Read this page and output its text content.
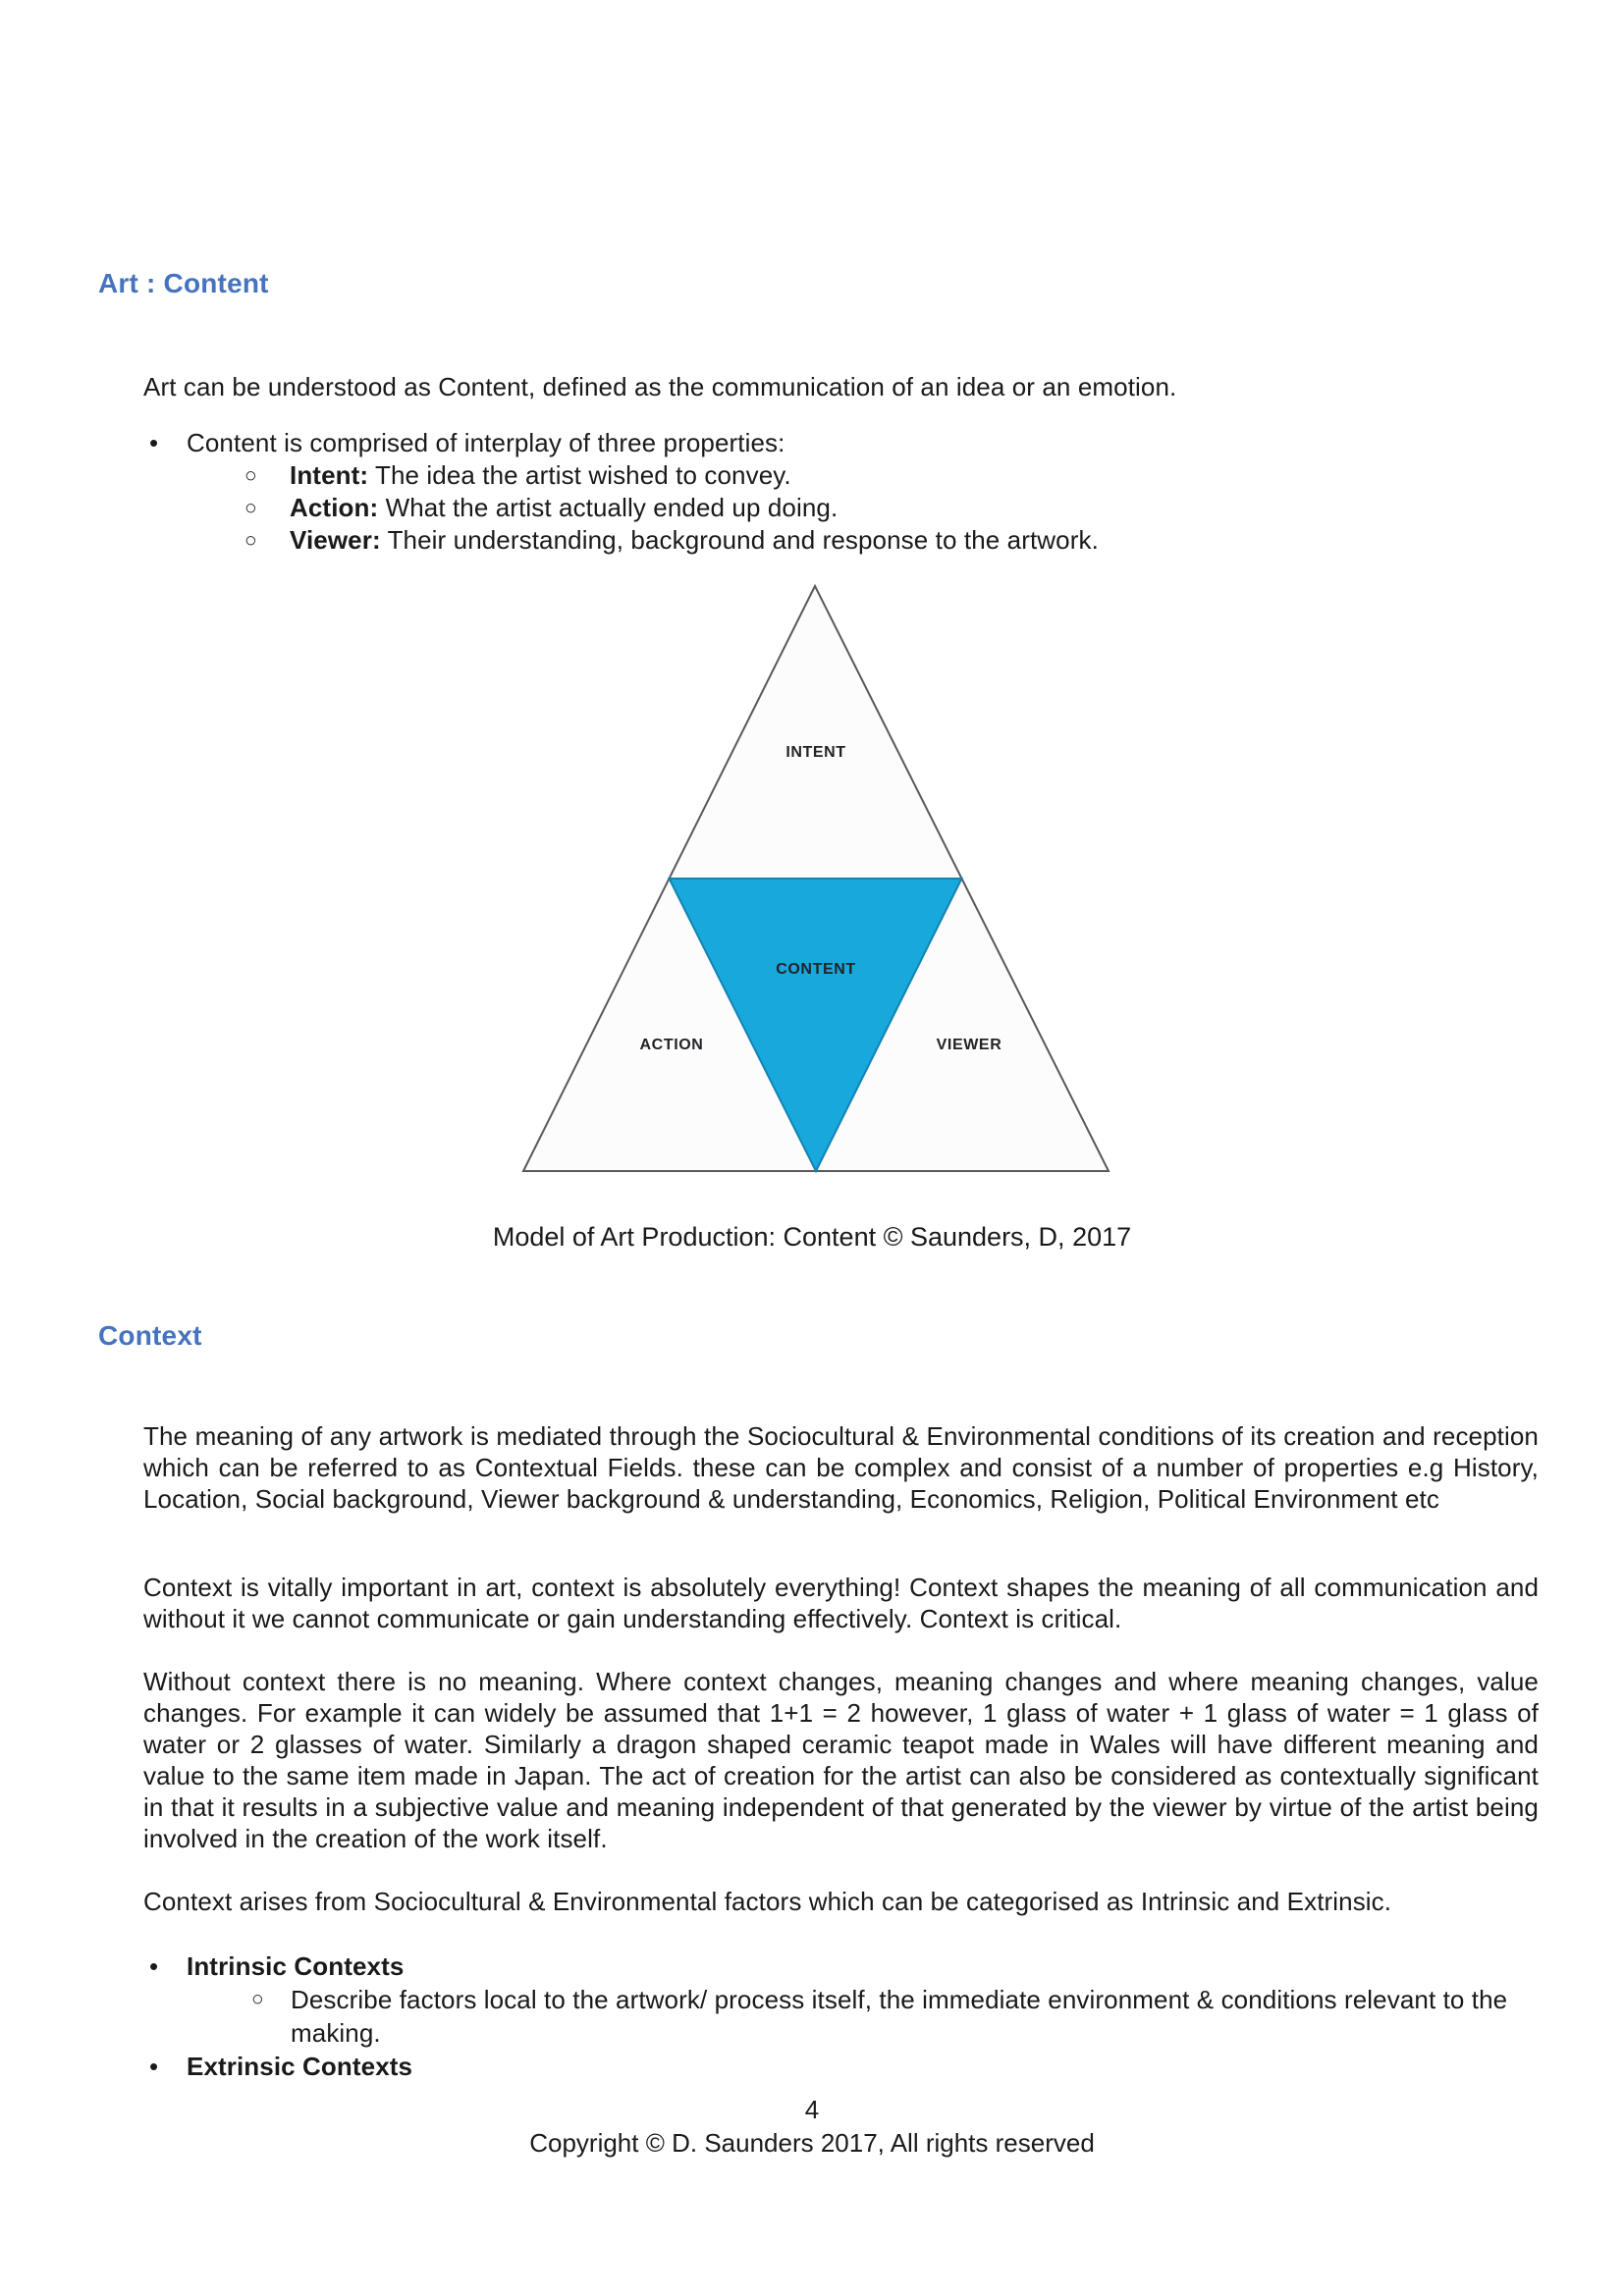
Art : Content
Art can be understood as Content, defined as the communication of an idea or an emotion.
• Content is comprised of interplay of three properties:
○ Intent: The idea the artist wished to convey.
○ Action: What the artist actually ended up doing.
○ Viewer: Their understanding, background and response to the artwork.
INTENT
CONTENT
ACTION	VIEWER
Model of Art Production: Content © Saunders, D, 2017
Context
The meaning of any artwork is mediated through the Sociocultural & Environmental conditions of its creation and reception which can be referred to as Contextual Fields. these can be complex and consist of a number of properties e.g History, Location, Social background, Viewer background & understanding, Economics, Religion, Political Environment etc
Context is vitally important in art, context is absolutely everything! Context shapes the meaning of all communication and without it we cannot communicate or gain understanding effectively. Context is critical.
Without context there is no meaning. Where context changes, meaning changes and where meaning changes, value changes. For example it can widely be assumed that 1+1 = 2 however, 1 glass of water + 1 glass of water = 1 glass of water or 2 glasses of water. Similarly a dragon shaped ceramic teapot made in Wales will have different meaning and value to the same item made in Japan. The act of creation for the artist can also be considered as contextually significant in that it results in a subjective value and meaning independent of that generated by the viewer by virtue of the artist being involved in the creation of the work itself.
Context arises from Sociocultural & Environmental factors which can be categorised as Intrinsic and Extrinsic.
• Intrinsic Contexts
○ Describe factors local to the artwork/ process itself, the immediate environment & conditions relevant to the making.
• Extrinsic Contexts
4
Copyright © D. Saunders 2017, All rights reserved
